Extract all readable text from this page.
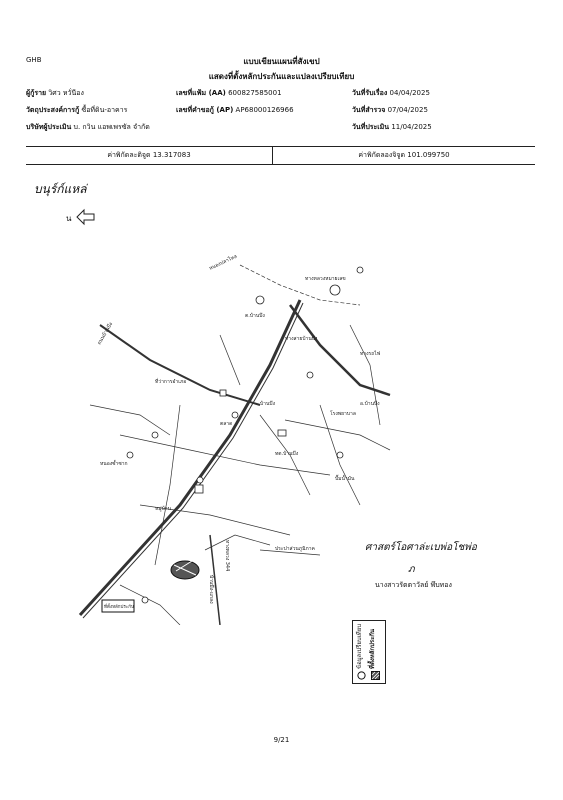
GHB	แบบเขียนแผนที่สังเขป
แสดงที่ตั้งหลักประกันและแปลงเปรียบเทียบ
ผู้กู้ราย วิศว หวั่นีอง	เลขที่แฟ้ม (AA) 600827585001	วันที่รับเรื่อง 04/04/2025
วัตถุประสงค์การกู้ ซื้อที่ดิน-อาคาร	เลขที่คำขอกู้ (AP) AP68000126966	วันที่สำรวจ 07/04/2025
บริษัทผู้ประเมิน บ. กวิน แอพเพรซัล จำกัด	วันที่ประเมิน 11/04/2025
ค่าพิกัดละติจูด 13.317083	ค่าพิกัดลองจิจูด 101.099750
บนุร์ก์แหล่
น
หนองปลาไหล
ทางหลวงหมายเลข
ทางสายบ้านบึง
ต.บ้านบึง
ที่ว่าการอำเภอ
ถนนบ้านบึง
บ้านบึง
ตลาด
โรงพยาบาล
ทต.บ้านบึง
ปั๊มน้ำมัน
ประปาส่วนภูมิภาค
ทางรถไฟ
อ.บ้านบึง
บ้านบึง-แกลง
ทางหลวง 344
หนองซ้ำซาก
หมู่บ้าน
ที่ตั้งหลักประกัน
ศาสตร์โอศาล่ะเบพ่อโชพ่อ
ภ
นางสาวรัตตาวัลย์ พึบทอง
ที่ตั้งหลักประกัน
ข้อมูลเปรียบเทียบ
9/21
